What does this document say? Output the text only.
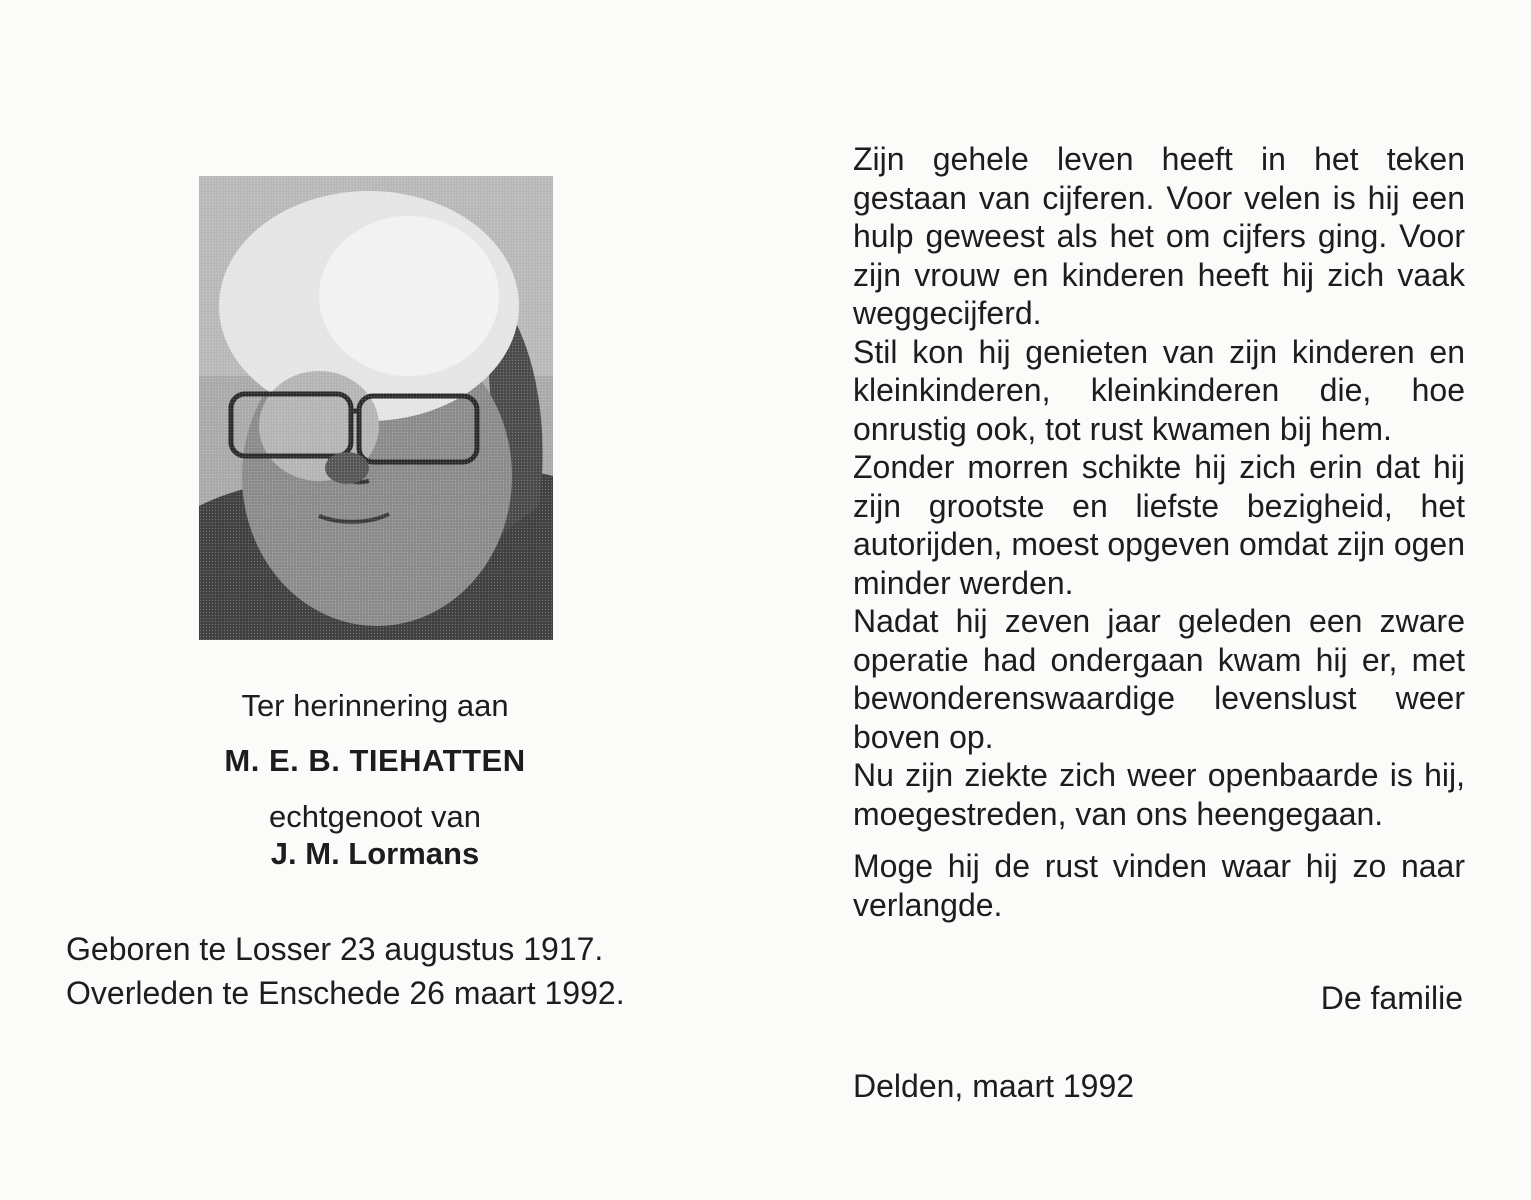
Ter herinnering aan
M. E. B. TIEHATTEN
echtgenoot van
J. M. Lormans
Geboren te Losser 23 augustus 1917.
Overleden te Enschede 26 maart 1992.

Zijn gehele leven heeft in het teken gestaan van cijferen. Voor velen is hij een hulp geweest als het om cijfers ging. Voor zijn vrouw en kinderen heeft hij zich vaak weggecijferd.

Stil kon hij genieten van zijn kinderen en kleinkinderen, kleinkinderen die, hoe onrustig ook, tot rust kwamen bij hem.

Zonder morren schikte hij zich erin dat hij zijn grootste en liefste bezigheid, het autorijden, moest opgeven omdat zijn ogen minder werden.

Nadat hij zeven jaar geleden een zware operatie had ondergaan kwam hij er, met bewonderenswaardige levenslust weer boven op.

Nu zijn ziekte zich weer openbaarde is hij, moegestreden, van ons heengegaan.

Moge hij de rust vinden waar hij zo naar verlangde.

De familie
Delden, maart 1992
